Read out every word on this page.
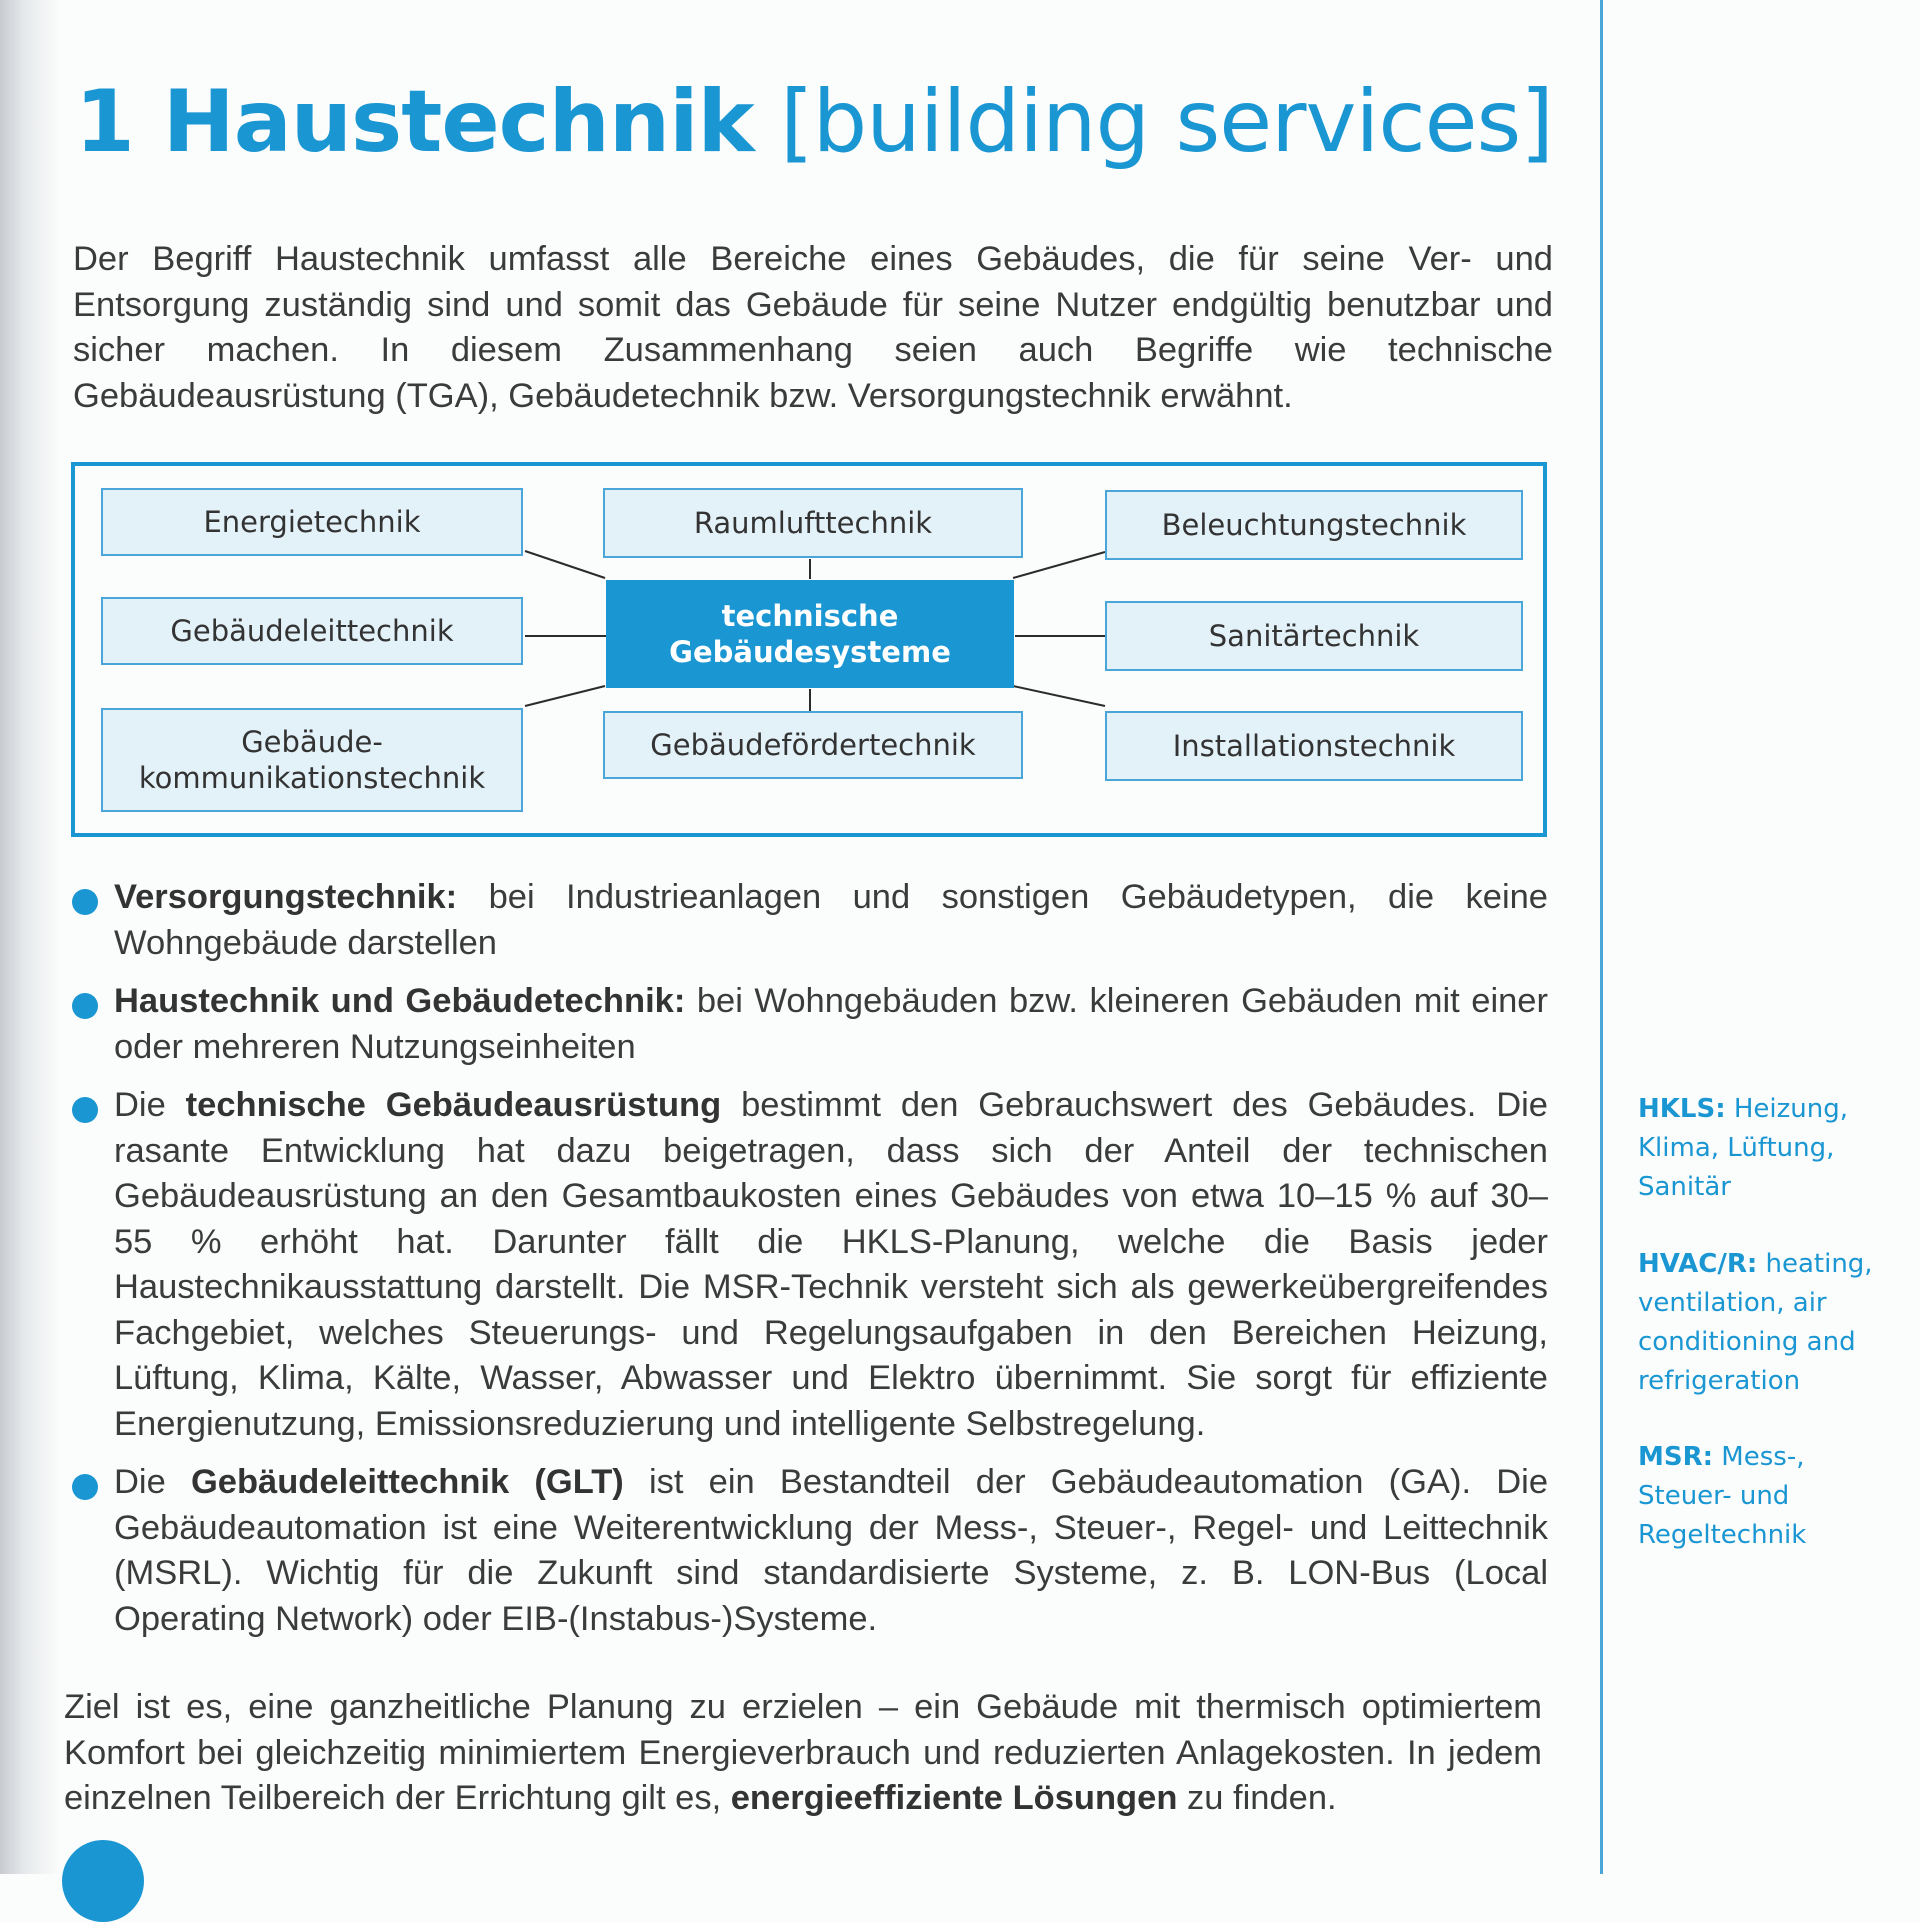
1 Haustechnik [building services]

Der Begriff Haustechnik umfasst alle Bereiche eines Gebäudes, die für seine Ver- und Entsorgung zuständig sind und somit das Gebäude für seine Nutzer endgültig benutzbar und sicher machen. In diesem Zusammenhang seien auch Begriffe wie technische Gebäudeausrüstung (TGA), Gebäudetechnik bzw. Versorgungstechnik erwähnt.

Energietechnik	Raumlufttechnik	Beleuchtungstechnik
Gebäudeleittechnik	technische
Gebäudesysteme	Sanitärtechnik
Gebäude-
kommunikationstechnik
Gebäudefördertechnik	Installationstechnik
Versorgungstechnik: bei Industrieanlagen und sonstigen Gebäudetypen, die keine Wohngebäude darstellen
Haustechnik und Gebäudetechnik: bei Wohngebäuden bzw. kleineren Gebäuden mit einer oder mehreren Nutzungseinheiten
Die technische Gebäudeausrüstung bestimmt den Gebrauchswert des Gebäudes. Die rasante Entwicklung hat dazu beigetragen, dass sich der Anteil der technischen Gebäudeausrüstung an den Gesamtbaukosten eines Gebäudes von etwa 10–15 % auf 30–55 % erhöht hat. Darunter fällt die HKLS-Planung, welche die Basis jeder Haustechnikausstattung darstellt. Die MSR-Technik versteht sich als gewerkeübergreifendes Fachgebiet, welches Steuerungs- und Regelungsaufgaben in den Bereichen Heizung, Lüftung, Klima, Kälte, Wasser, Abwasser und Elektro übernimmt. Sie sorgt für effiziente Energienutzung, Emissionsreduzierung und intelligente Selbstregelung.
Die Gebäudeleittechnik (GLT) ist ein Bestandteil der Gebäudeautomation (GA). Die Gebäudeautomation ist eine Weiterentwicklung der Mess-, Steuer-, Regel- und Leittechnik (MSRL). Wichtig für die Zukunft sind standardisierte Systeme, z. B. LON-Bus (Local Operating Network) oder EIB-(Instabus-)Systeme.

Ziel ist es, eine ganzheitliche Planung zu erzielen – ein Gebäude mit thermisch optimiertem Komfort bei gleichzeitig minimiertem Energieverbrauch und reduzierten Anlagekosten. In jedem einzelnen Teilbereich der Errichtung gilt es, energieeffiziente Lösungen zu finden.

HKLS: Heizung, Klima, Lüftung, Sanitär
HVAC/R: heating, ventilation, air conditioning and refrigeration
MSR: Mess-, Steuer- und Regeltechnik
